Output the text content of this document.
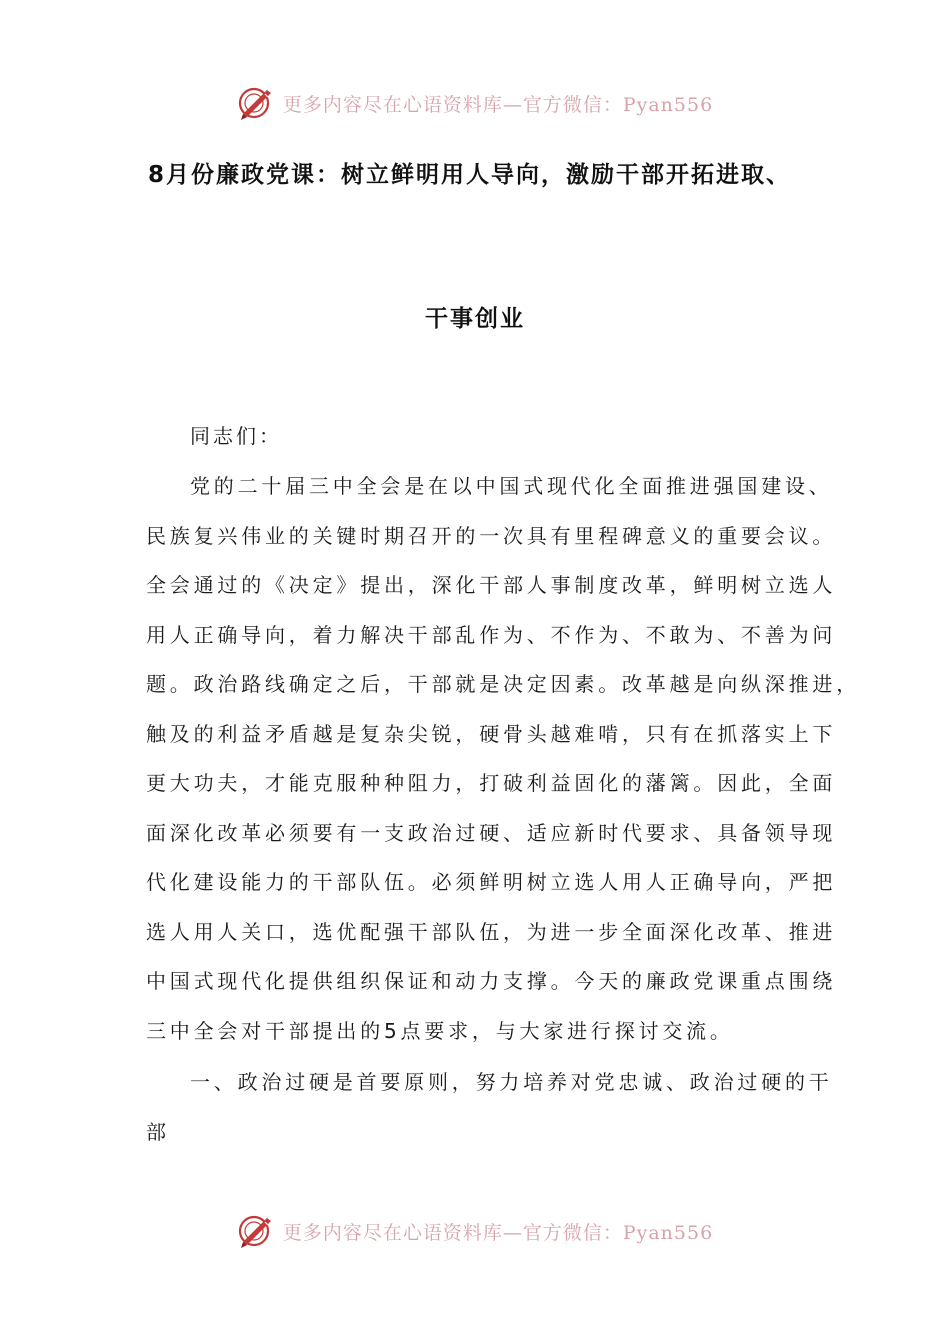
更多内容尽在心语资料库—官方微信：Pyan556
8月份廉政党课：树立鲜明用人导向，激励干部开拓进取、
干事创业
同志们：
党的二十届三中全会是在以中国式现代化全面推进强国建设、
民族复兴伟业的关键时期召开的一次具有里程碑意义的重要会议。
全会通过的《决定》提出，深化干部人事制度改革，鲜明树立选人
用人正确导向，着力解决干部乱作为、不作为、不敢为、不善为问
题。政治路线确定之后，干部就是决定因素。改革越是向纵深推进，
触及的利益矛盾越是复杂尖锐，硬骨头越难啃，只有在抓落实上下
更大功夫，才能克服种种阻力，打破利益固化的藩篱。因此，全面
面深化改革必须要有一支政治过硬、适应新时代要求、具备领导现
代化建设能力的干部队伍。必须鲜明树立选人用人正确导向，严把
选人用人关口，选优配强干部队伍，为进一步全面深化改革、推进
中国式现代化提供组织保证和动力支撑。今天的廉政党课重点围绕
三中全会对干部提出的5点要求，与大家进行探讨交流。
一、政治过硬是首要原则，努力培养对党忠诚、政治过硬的干
部
更多内容尽在心语资料库—官方微信：Pyan556
